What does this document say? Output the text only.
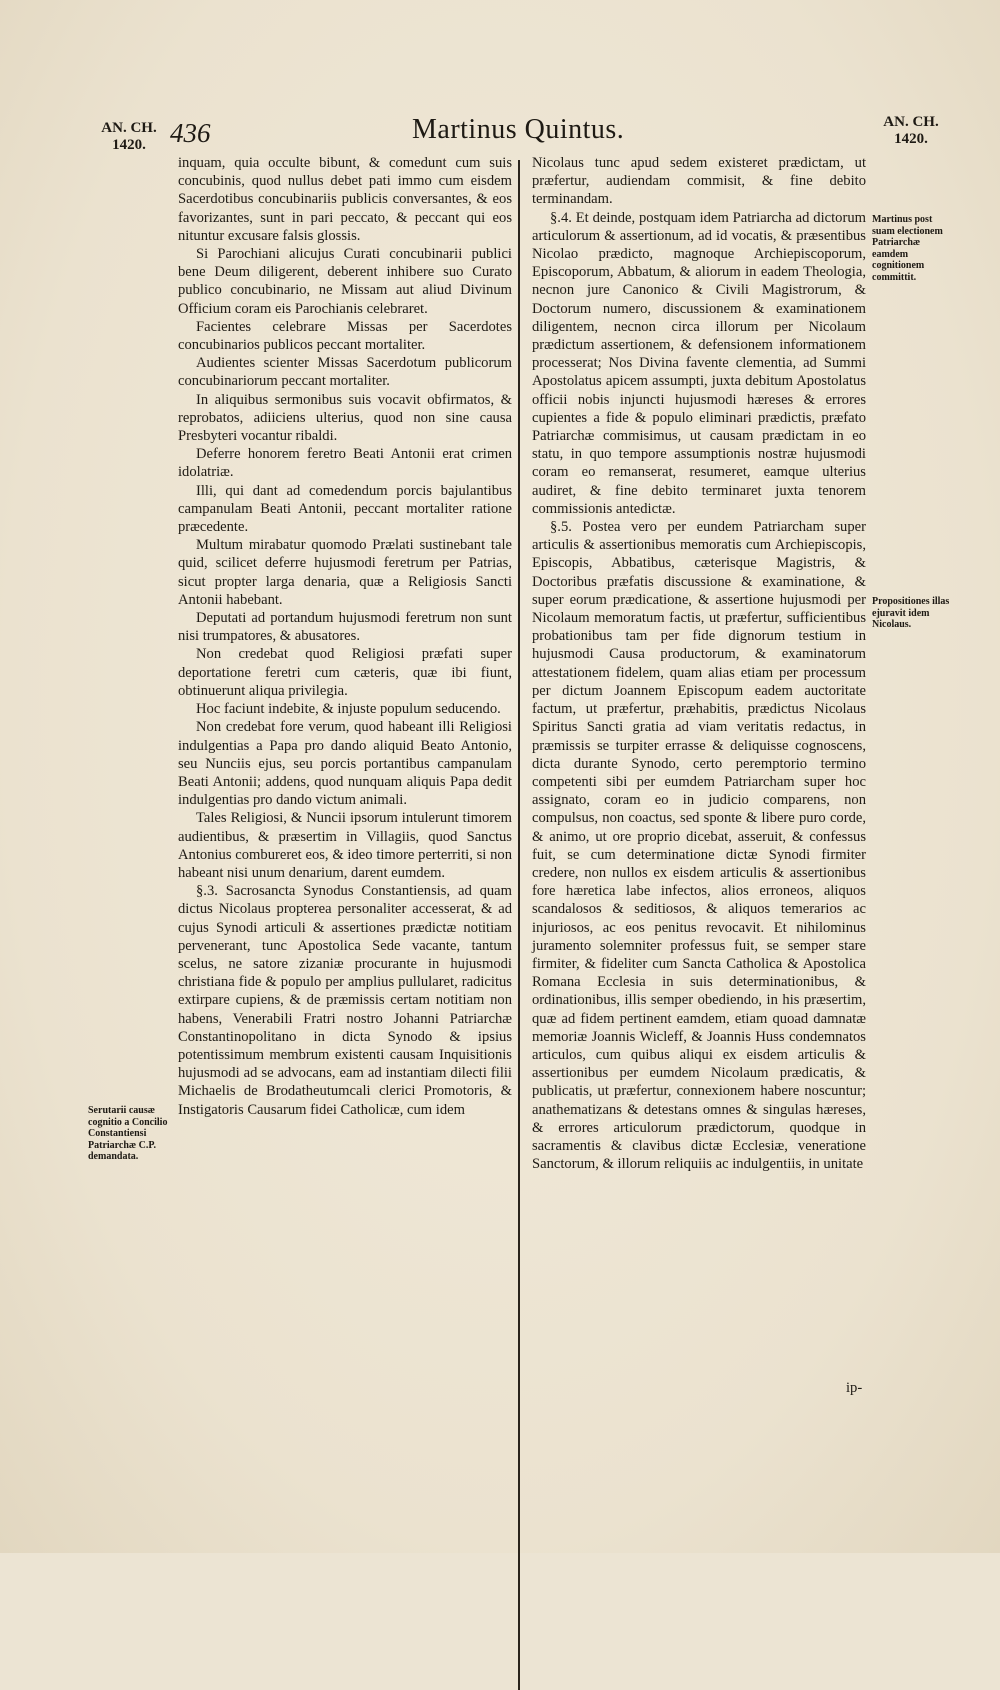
AN. CH.
1420. 436	Martinus Quintus.	AN. CH.
1420.

inquam, quia occulte bibunt, & comedunt cum suis concubinis, quod nullus debet pati immo cum eisdem Sacerdotibus concubinariis publicis conversantes, & eos favorizantes, sunt in pari peccato, & peccant qui eos nituntur excusare falsis glossis.

Si Parochiani alicujus Curati concubinarii publici bene Deum diligerent, deberent inhibere suo Curato publico concubinario, ne Missam aut aliud Divinum Officium coram eis Parochianis celebraret.

Facientes celebrare Missas per Sacerdotes concubinarios publicos peccant mortaliter.

Audientes scienter Missas Sacerdotum publicorum concubinariorum peccant mortaliter.

In aliquibus sermonibus suis vocavit obfirmatos, & reprobatos, adiiciens ulterius, quod non sine causa Presbyteri vocantur ribaldi.

Deferre honorem feretro Beati Antonii erat crimen idolatriæ.

Illi, qui dant ad comedendum porcis bajulantibus campanulam Beati Antonii, peccant mortaliter ratione præcedente.

Multum mirabatur quomodo Prælati sustinebant tale quid, scilicet deferre hujusmodi feretrum per Patrias, sicut propter larga denaria, quæ a Religiosis Sancti Antonii habebant.

Deputati ad portandum hujusmodi feretrum non sunt nisi trumpatores, & abusatores.

Non credebat quod Religiosi præfati super deportatione feretri cum cæteris, quæ ibi fiunt, obtinuerunt aliqua privilegia.

Hoc faciunt indebite, & injuste populum seducendo.

Non credebat fore verum, quod habeant illi Religiosi indulgentias a Papa pro dando aliquid Beato Antonio, seu Nunciis ejus, seu porcis portantibus campanulam Beati Antonii; addens, quod nunquam aliquis Papa dedit indulgentias pro dando victum animali.

Tales Religiosi, & Nuncii ipsorum intulerunt timorem audientibus, & præsertim in Villagiis, quod Sanctus Antonius combureret eos, & ideo timore perterriti, si non habeant nisi unum denarium, darent eumdem.

§.3. Sacrosancta Synodus Constantiensis, ad quam dictus Nicolaus propterea personaliter accesserat, & ad cujus Synodi articuli & assertiones prædictæ notitiam pervenerant, tunc Apostolica Sede vacante, tantum scelus, ne satore zizaniæ procurante in hujusmodi christiana fide & populo per amplius pullularet, radicitus extirpare cupiens, & de præmissis certam notitiam non habens, Venerabili Fratri nostro Johanni Patriarchæ Constantinopolitano in dicta Synodo & ipsius potentissimum membrum existenti causam Inquisitionis hujusmodi ad se advocans, eam ad instantiam dilecti filii Michaelis de Brodatheutumcali clerici Promotoris, & Instigatoris Causarum fidei Catholicæ, cum idem

Nicolaus tunc apud sedem existeret prædictam, ut præfertur, audiendam commisit, & fine debito terminandam.

§.4. Et deinde, postquam idem Patriarcha ad dictorum articulorum & assertionum, ad id vocatis, & præsentibus Nicolao prædicto, magnoque Archiepiscoporum, Episcoporum, Abbatum, & aliorum in eadem Theologia, necnon jure Canonico & Civili Magistrorum, & Doctorum numero, discussionem & examinationem diligentem, necnon circa illorum per Nicolaum prædictum assertionem, & defensionem informationem processerat; Nos Divina favente clementia, ad Summi Apostolatus apicem assumpti, juxta debitum Apostolatus officii nobis injuncti hujusmodi hæreses & errores cupientes a fide & populo eliminari prædictis, præfato Patriarchæ commisimus, ut causam prædictam in eo statu, in quo tempore assumptionis nostræ hujusmodi coram eo remanserat, resumeret, eamque ulterius audiret, & fine debito terminaret juxta tenorem commissionis antedictæ.

§.5. Postea vero per eundem Patriarcham super articulis & assertionibus memoratis cum Archiepiscopis, Episcopis, Abbatibus, cæterisque Magistris, & Doctoribus præfatis discussione & examinatione, & super eorum prædicatione, & assertione hujusmodi per Nicolaum memoratum factis, ut præfertur, sufficientibus probationibus tam per fide dignorum testium in hujusmodi Causa productorum, & examinatorum attestationem fidelem, quam alias etiam per processum per dictum Joannem Episcopum eadem auctoritate factum, ut præfertur, præhabitis, prædictus Nicolaus Spiritus Sancti gratia ad viam veritatis redactus, in præmissis se turpiter errasse & deliquisse cognoscens, dicta durante Synodo, certo peremptorio termino competenti sibi per eumdem Patriarcham super hoc assignato, coram eo in judicio comparens, non compulsus, non coactus, sed sponte & libere puro corde, & animo, ut ore proprio dicebat, asseruit, & confessus fuit, se cum determinatione dictæ Synodi firmiter credere, non nullos ex eisdem articulis & assertionibus fore hæretica labe infectos, alios erroneos, aliquos scandalosos & seditiosos, & aliquos temerarios ac injuriosos, ac eos penitus revocavit. Et nihilominus juramento solemniter professus fuit, se semper stare firmiter, & fideliter cum Sancta Catholica & Apostolica Romana Ecclesia in suis determinationibus, & ordinationibus, illis semper obediendo, in his præsertim, quæ ad fidem pertinent eamdem, etiam quoad damnatæ memoriæ Joannis Wicleff, & Joannis Huss condemnatos articulos, cum quibus aliqui ex eisdem articulis & assertionibus per eumdem Nicolaum prædicatis, & publicatis, ut præfertur, connexionem habere noscuntur; anathematizans & detestans omnes & singulas hæreses, & errores articulorum prædictorum, quodque in sacramentis & clavibus dictæ Ecclesiæ, veneratione Sanctorum, & illorum reliquiis ac indulgentiis, in unitate

ip-
Serutarii causæ cognitio a Concilio Constantiensi Patriarchæ C.P. demandata.
Martinus post suam electionem Patriarchæ eamdem cognitionem committit.
Propositiones illas ejuravit idem Nicolaus.
